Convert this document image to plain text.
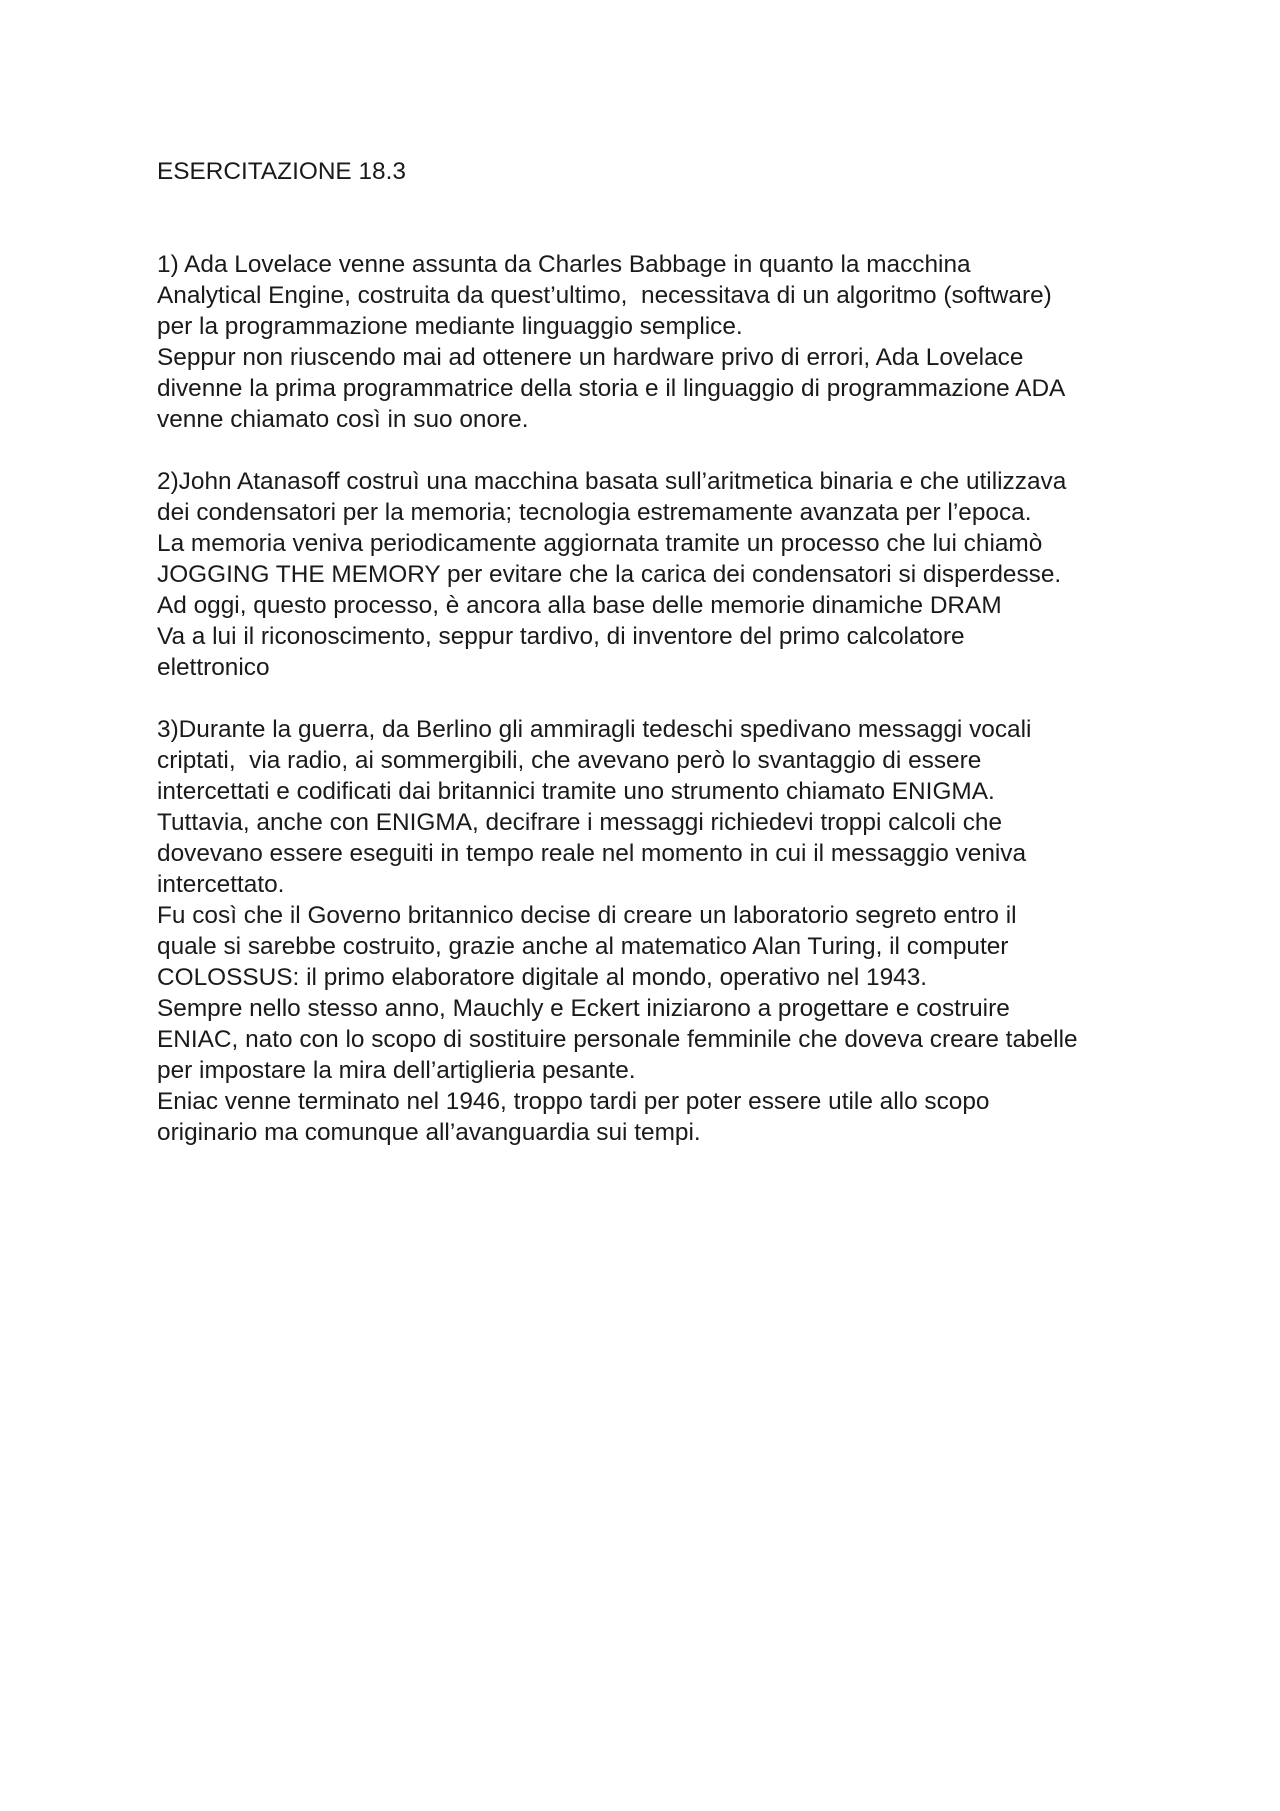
ESERCITAZIONE 18.3

1) Ada Lovelace venne assunta da Charles Babbage in quanto la macchina
Analytical Engine, costruita da quest’ultimo,  necessitava di un algoritmo (software)
per la programmazione mediante linguaggio semplice.
Seppur non riuscendo mai ad ottenere un hardware privo di errori, Ada Lovelace
divenne la prima programmatrice della storia e il linguaggio di programmazione ADA
venne chiamato così in suo onore.

2)John Atanasoff costruì una macchina basata sull’aritmetica binaria e che utilizzava
dei condensatori per la memoria; tecnologia estremamente avanzata per l’epoca.
La memoria veniva periodicamente aggiornata tramite un processo che lui chiamò
JOGGING THE MEMORY per evitare che la carica dei condensatori si disperdesse.
Ad oggi, questo processo, è ancora alla base delle memorie dinamiche DRAM
Va a lui il riconoscimento, seppur tardivo, di inventore del primo calcolatore
elettronico

3)Durante la guerra, da Berlino gli ammiragli tedeschi spedivano messaggi vocali
criptati,  via radio, ai sommergibili, che avevano però lo svantaggio di essere
intercettati e codificati dai britannici tramite uno strumento chiamato ENIGMA.
Tuttavia, anche con ENIGMA, decifrare i messaggi richiedevi troppi calcoli che
dovevano essere eseguiti in tempo reale nel momento in cui il messaggio veniva
intercettato.
Fu così che il Governo britannico decise di creare un laboratorio segreto entro il
quale si sarebbe costruito, grazie anche al matematico Alan Turing, il computer
COLOSSUS: il primo elaboratore digitale al mondo, operativo nel 1943.
Sempre nello stesso anno, Mauchly e Eckert iniziarono a progettare e costruire
ENIAC, nato con lo scopo di sostituire personale femminile che doveva creare tabelle
per impostare la mira dell’artiglieria pesante.
Eniac venne terminato nel 1946, troppo tardi per poter essere utile allo scopo
originario ma comunque all’avanguardia sui tempi.
